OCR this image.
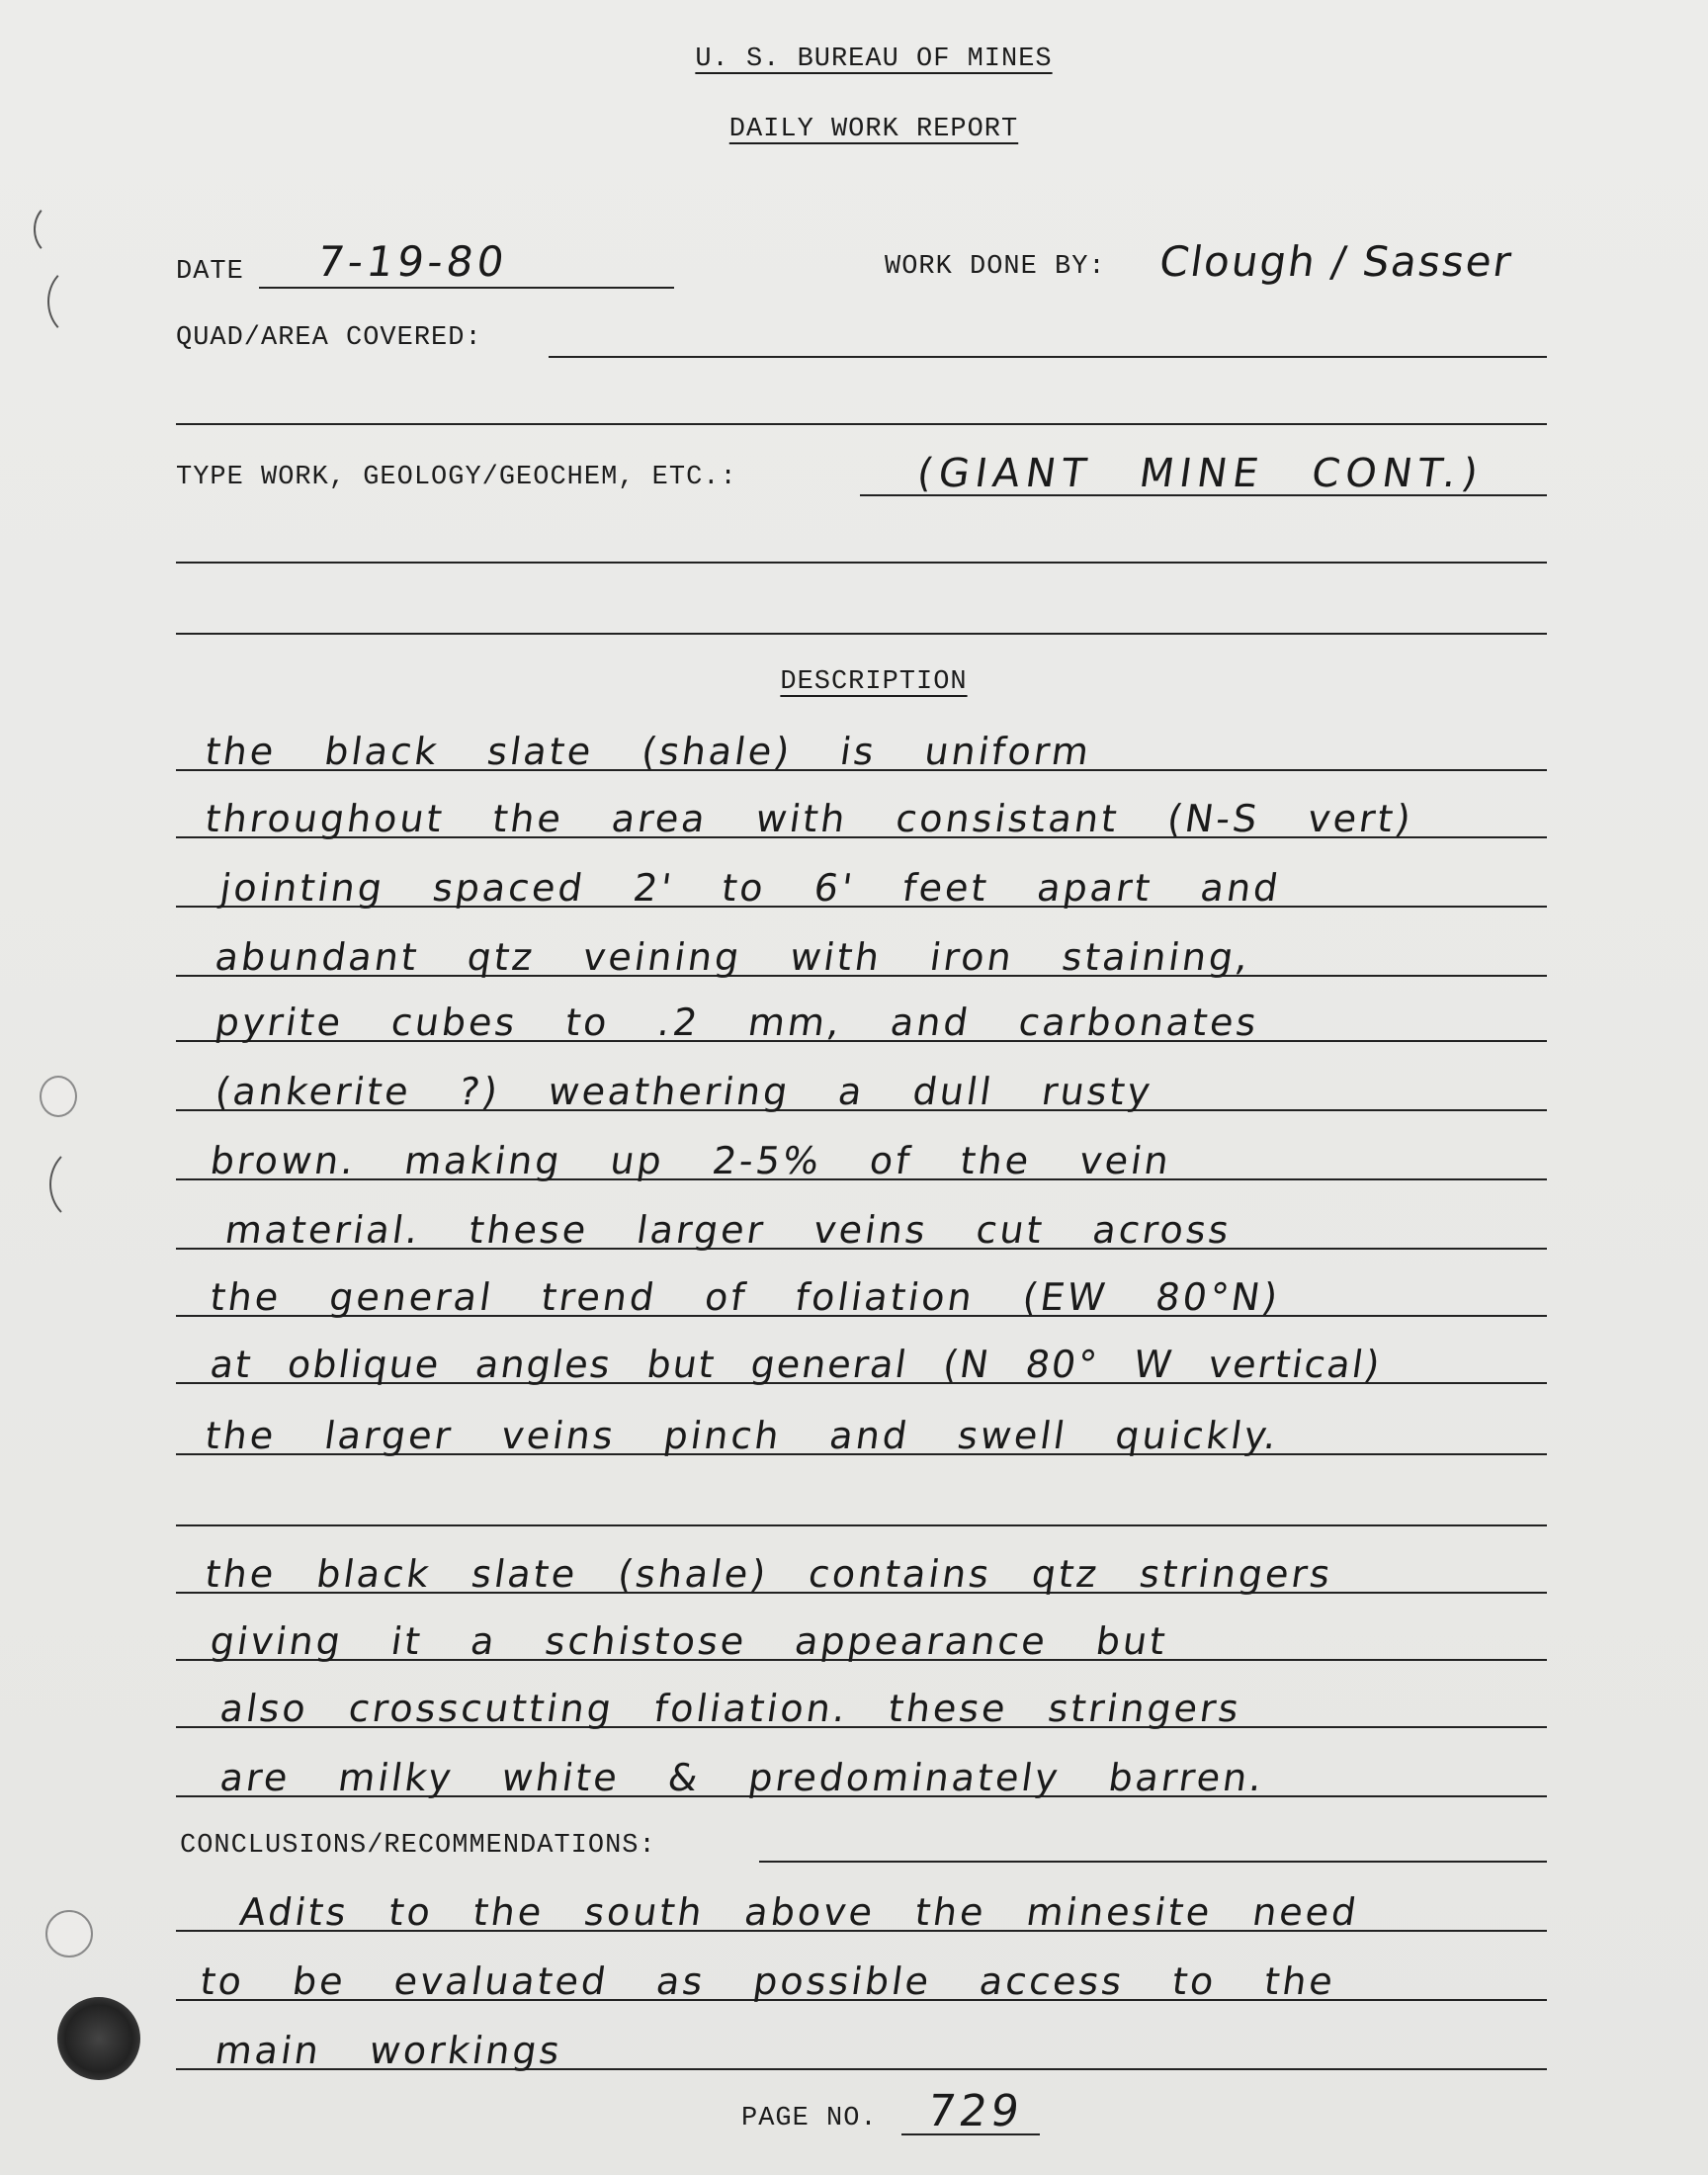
U. S. BUREAU OF MINES
DAILY WORK REPORT
DATE 7-19-80	WORK DONE BY: Clough / Sasser
QUAD/AREA COVERED:
TYPE WORK, GEOLOGY/GEOCHEM, ETC.:	(GIANT MINE CONT.)
DESCRIPTION
the black slate (shale) is uniform
throughout the area with consistant (N-S vert)
jointing spaced 2' to 6' feet apart and
abundant qtz veining with iron staining,
pyrite cubes to .2 mm, and carbonates
(ankerite ?) weathering a dull rusty
brown. making up 2-5% of the vein
material. these larger veins cut across
the general trend of foliation (EW 80°N)
at oblique angles but general (N 80° W vertical)
the larger veins pinch and swell quickly.
the black slate (shale) contains qtz stringers
giving it a schistose appearance but
also crosscutting foliation. these stringers
are milky white & predominately barren.
CONCLUSIONS/RECOMMENDATIONS:
Adits to the south above the minesite need
to be evaluated as possible access to the
main workings
PAGE NO. 729
